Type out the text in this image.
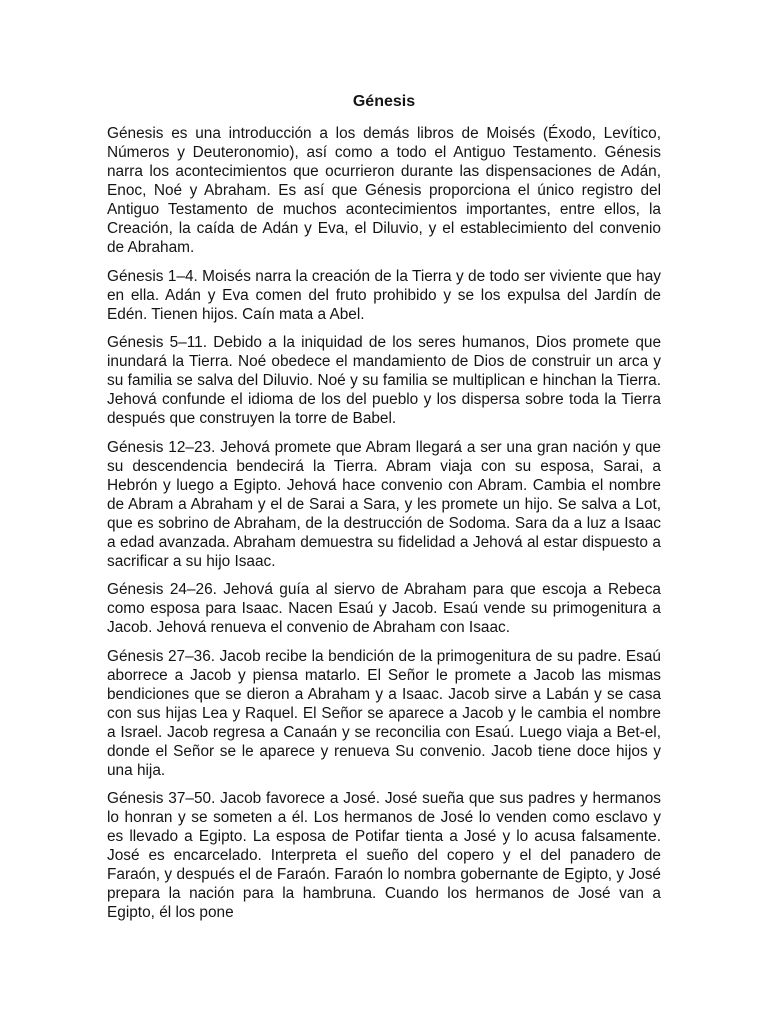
Génesis

Génesis es una introducción a los demás libros de Moisés (Éxodo, Levítico, Números y Deuteronomio), así como a todo el Antiguo Testamento. Génesis narra los acontecimientos que ocurrieron durante las dispensaciones de Adán, Enoc, Noé y Abraham. Es así que Génesis proporciona el único registro del Antiguo Testamento de muchos acontecimientos importantes, entre ellos, la Creación, la caída de Adán y Eva, el Diluvio, y el establecimiento del convenio de Abraham.

Génesis 1–4. Moisés narra la creación de la Tierra y de todo ser viviente que hay en ella. Adán y Eva comen del fruto prohibido y se los expulsa del Jardín de Edén. Tienen hijos. Caín mata a Abel.

Génesis 5–11. Debido a la iniquidad de los seres humanos, Dios promete que inundará la Tierra. Noé obedece el mandamiento de Dios de construir un arca y su familia se salva del Diluvio. Noé y su familia se multiplican e hinchan la Tierra. Jehová confunde el idioma de los del pueblo y los dispersa sobre toda la Tierra después que construyen la torre de Babel.

Génesis 12–23. Jehová promete que Abram llegará a ser una gran nación y que su descendencia bendecirá la Tierra. Abram viaja con su esposa, Sarai, a Hebrón y luego a Egipto. Jehová hace convenio con Abram. Cambia el nombre de Abram a Abraham y el de Sarai a Sara, y les promete un hijo. Se salva a Lot, que es sobrino de Abraham, de la destrucción de Sodoma. Sara da a luz a Isaac a edad avanzada. Abraham demuestra su fidelidad a Jehová al estar dispuesto a sacrificar a su hijo Isaac.

Génesis 24–26. Jehová guía al siervo de Abraham para que escoja a Rebeca como esposa para Isaac. Nacen Esaú y Jacob. Esaú vende su primogenitura a Jacob. Jehová renueva el convenio de Abraham con Isaac.

Génesis 27–36. Jacob recibe la bendición de la primogenitura de su padre. Esaú aborrece a Jacob y piensa matarlo. El Señor le promete a Jacob las mismas bendiciones que se dieron a Abraham y a Isaac. Jacob sirve a Labán y se casa con sus hijas Lea y Raquel. El Señor se aparece a Jacob y le cambia el nombre a Israel. Jacob regresa a Canaán y se reconcilia con Esaú. Luego viaja a Bet-el, donde el Señor se le aparece y renueva Su convenio. Jacob tiene doce hijos y una hija.

Génesis 37–50. Jacob favorece a José. José sueña que sus padres y hermanos lo honran y se someten a él. Los hermanos de José lo venden como esclavo y es llevado a Egipto. La esposa de Potifar tienta a José y lo acusa falsamente. José es encarcelado. Interpreta el sueño del copero y el del panadero de Faraón, y después el de Faraón. Faraón lo nombra gobernante de Egipto, y José prepara la nación para la hambruna. Cuando los hermanos de José van a Egipto, él los pone
